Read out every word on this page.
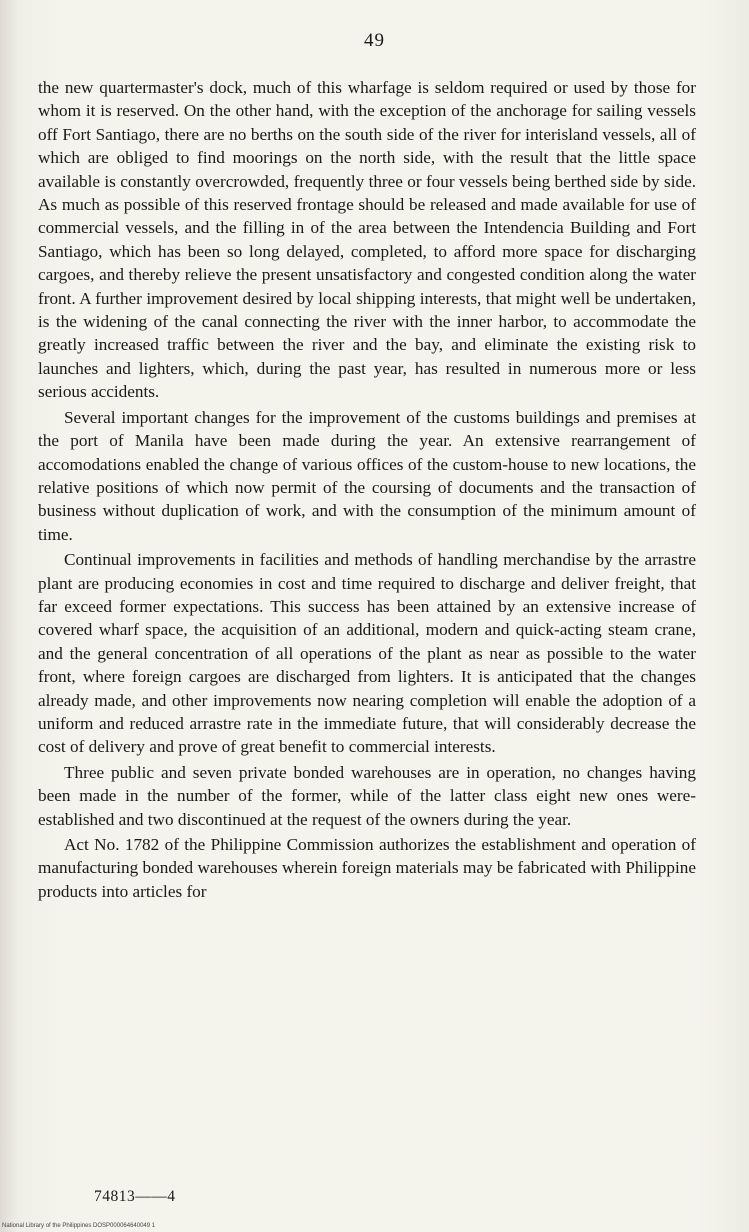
49

the new quartermaster's dock, much of this wharfage is seldom required or used by those for whom it is reserved. On the other hand, with the exception of the anchorage for sailing vessels off Fort Santiago, there are no berths on the south side of the river for interisland vessels, all of which are obliged to find moorings on the north side, with the result that the little space available is constantly overcrowded, frequently three or four vessels being berthed side by side. As much as possible of this reserved frontage should be released and made available for use of commercial vessels, and the filling in of the area between the Intendencia Building and Fort Santiago, which has been so long delayed, completed, to afford more space for discharging cargoes, and thereby relieve the present unsatisfactory and congested condition along the water front. A further improvement desired by local shipping interests, that might well be undertaken, is the widening of the canal connecting the river with the inner harbor, to accommodate the greatly increased traffic between the river and the bay, and eliminate the existing risk to launches and lighters, which, during the past year, has resulted in numerous more or less serious accidents.

Several important changes for the improvement of the customs buildings and premises at the port of Manila have been made during the year. An extensive rearrangement of accomodations enabled the change of various offices of the custom-house to new locations, the relative positions of which now permit of the coursing of documents and the transaction of business without duplication of work, and with the consumption of the minimum amount of time.

Continual improvements in facilities and methods of handling merchandise by the arrastre plant are producing economies in cost and time required to discharge and deliver freight, that far exceed former expectations. This success has been attained by an extensive increase of covered wharf space, the acquisition of an additional, modern and quick-acting steam crane, and the general concentration of all operations of the plant as near as possible to the water front, where foreign cargoes are discharged from lighters. It is anticipated that the changes already made, and other improvements now nearing completion will enable the adoption of a uniform and reduced arrastre rate in the immediate future, that will considerably decrease the cost of delivery and prove of great benefit to commercial interests.

Three public and seven private bonded warehouses are in operation, no changes having been made in the number of the former, while of the latter class eight new ones were-established and two discontinued at the request of the owners during the year.

Act No. 1782 of the Philippine Commission authorizes the establishment and operation of manufacturing bonded warehouses wherein foreign materials may be fabricated with Philippine products into articles for

74813——4
National Library of the Philippines DOSP000064640049 1
